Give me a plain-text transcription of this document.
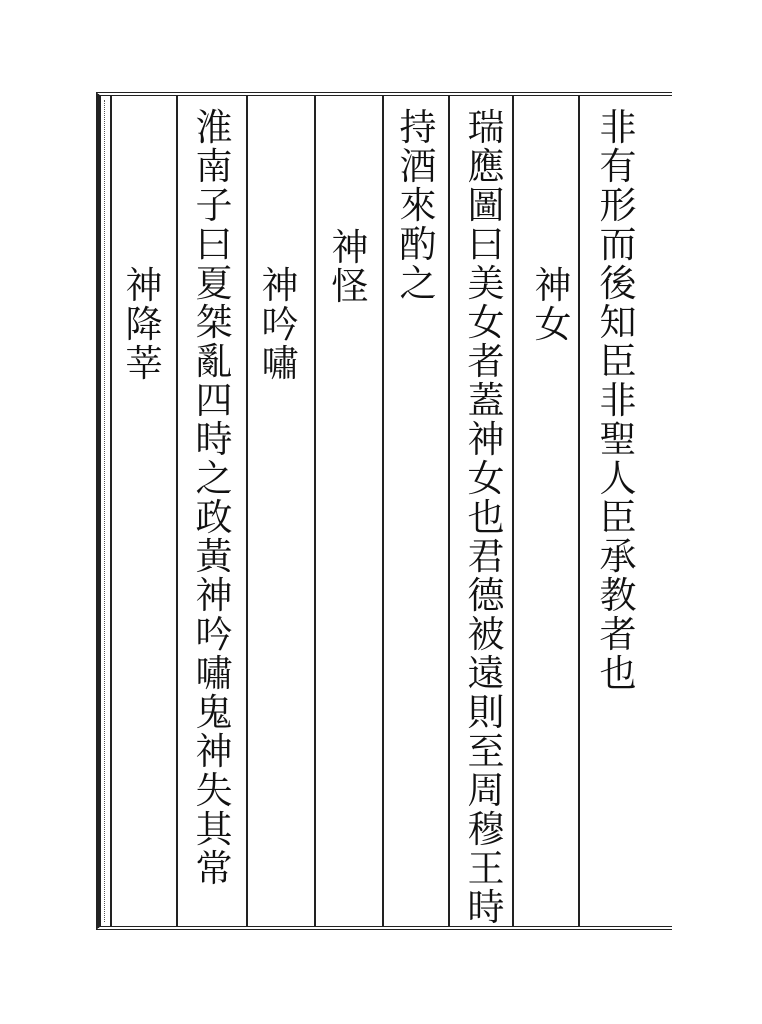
非
有
形
而
後
知
臣
非
聖
人
臣
承
教
者
也
神
女
瑞
應
圖
曰
美
女
者
蓋
神
女
也
君
德
被
遠
則
至
周
穆
王
時
持
酒
來
酌
之
神
怪
神
吟
嘯
淮
南
子
曰
夏
桀
亂
四
時
之
政
黃
神
吟
嘯
鬼
神
失
其
常
神
降
莘
